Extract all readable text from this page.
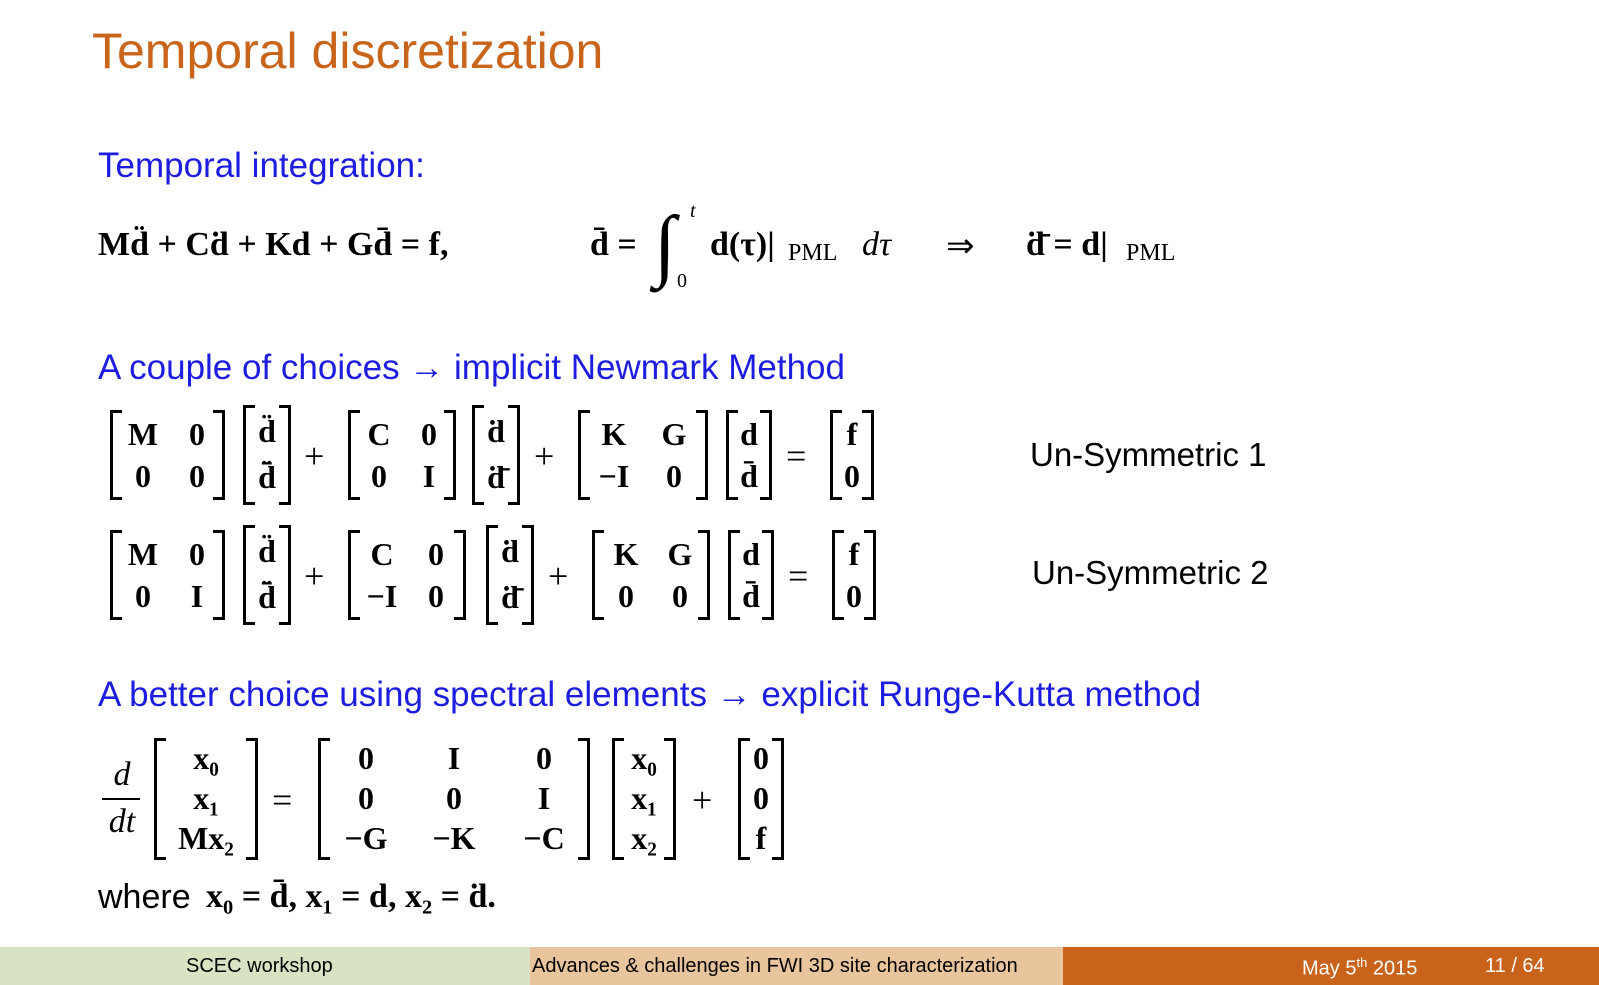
Temporal discretization
Temporal integration:
Md̈ + Cḋ + Kd + Gd̄ = f,	d̄ = ∫ t
0
d(τ)| PML dτ ⇒ ḋ̄ = d| PML
A couple of choices → implicit Newmark Method
M 0
0	0
d̈
d̈̄
+
C 0
0	I
ḋ
ḋ̄
+
K	G
−I	0
d
d̄ =
f
0
Un-Symmetric 1
M 0
0	I
d̈
d̈̄
+
C	0
−I 0
ḋ
ḋ̄
+
K G
0	0
d
d̄ =
f
0
Un-Symmetric 2
A better choice using spectral elements → explicit Runge-Kutta method
d
dt
x₀
x₁
Mx₂
=
0	I	0
0	0	I
−G	−K	−C
x₀
x₁
x₂
+
0
0
f
where x₀ = d̄, x₁ = d, x₂ = ḋ.
SCEC workshop	Advances & challenges in FWI 3D site characterization	May 5th 2015	11 / 64
